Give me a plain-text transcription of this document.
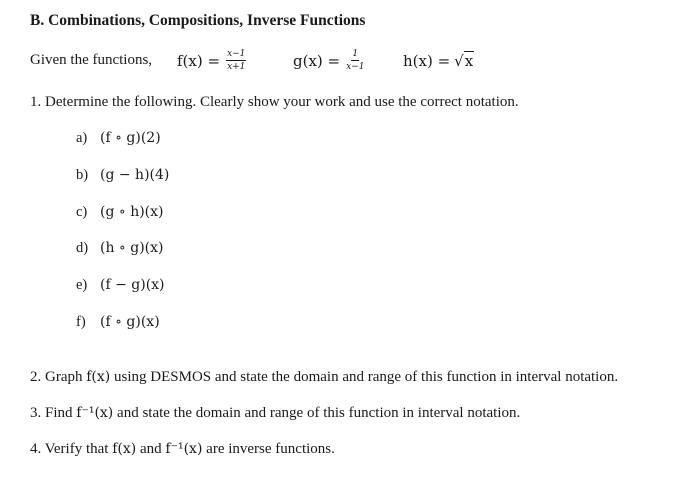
B. Combinations, Compositions, Inverse Functions
Given the functions, $f(x) = \frac{x-1}{x+1}$	$g(x) = \frac{1}{x-1}$	h(x) = √x
1. Determine the following. Clearly show your work and use the correct notation.
a) (f ∘ g)(2)
b) (g − h)(4)
c) (g ∘ h)(x)
d) (h ∘ g)(x)
e) (f − g)(x)
f) (f ∘ g)(x)
2. Graph f(x) using DESMOS and state the domain and range of this function in interval notation.
3. Find f⁻¹(x) and state the domain and range of this function in interval notation.
4. Verify that f(x) and f⁻¹(x) are inverse functions.
